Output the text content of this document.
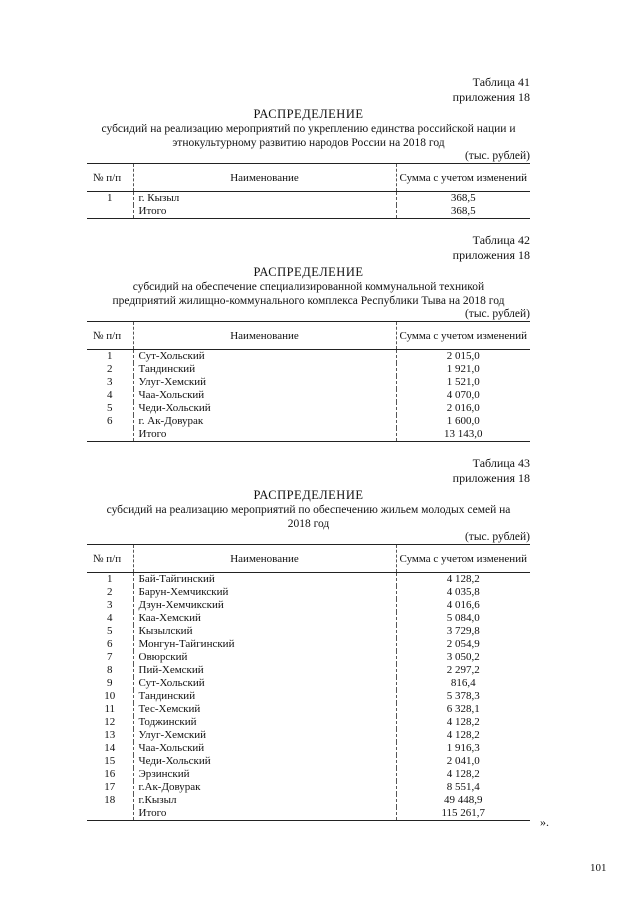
Таблица 41
приложения 18
РАСПРЕДЕЛЕНИЕ
субсидий на реализацию мероприятий по укреплению единства российской нации и
этнокультурному развитию народов России на 2018 год
(тыс. рублей)
№ п/п	Наименование	Сумма с учетом изменений
1	г. Кызыл	368,5
	Итого	368,5
Таблица 42
приложения 18
РАСПРЕДЕЛЕНИЕ
субсидий на обеспечение специализированной коммунальной техникой
предприятий жилищно-коммунального комплекса Республики Тыва на 2018 год
(тыс. рублей)
№ п/п	Наименование	Сумма с учетом изменений
1	Сут-Хольский	2 015,0
2	Тандинский	1 921,0
3	Улуг-Хемский	1 521,0
4	Чаа-Хольский	4 070,0
5	Чеди-Хольский	2 016,0
6	г. Ак-Довурак	1 600,0
	Итого	13 143,0
Таблица 43
приложения 18
РАСПРЕДЕЛЕНИЕ
субсидий на реализацию мероприятий по обеспечению жильем молодых семей на
2018 год
(тыс. рублей)
№ п/п	Наименование	Сумма с учетом изменений
1	Бай-Тайгинский	4 128,2
2	Барун-Хемчикский	4 035,8
3	Дзун-Хемчикский	4 016,6
4	Каа-Хемский	5 084,0
5	Кызылский	3 729,8
6	Монгун-Тайгинский	2 054,9
7	Овюрский	3 050,2
8	Пий-Хемский	2 297,2
9	Сут-Хольский	816,4
10	Тандинский	5 378,3
11	Тес-Хемский	6 328,1
12	Тоджинский	4 128,2
13	Улуг-Хемский	4 128,2
14	Чаа-Хольский	1 916,3
15	Чеди-Хольский	2 041,0
16	Эрзинский	4 128,2
17	г.Ак-Довурак	8 551,4
18	г.Кызыл	49 448,9
	Итого	115 261,7
».
101
